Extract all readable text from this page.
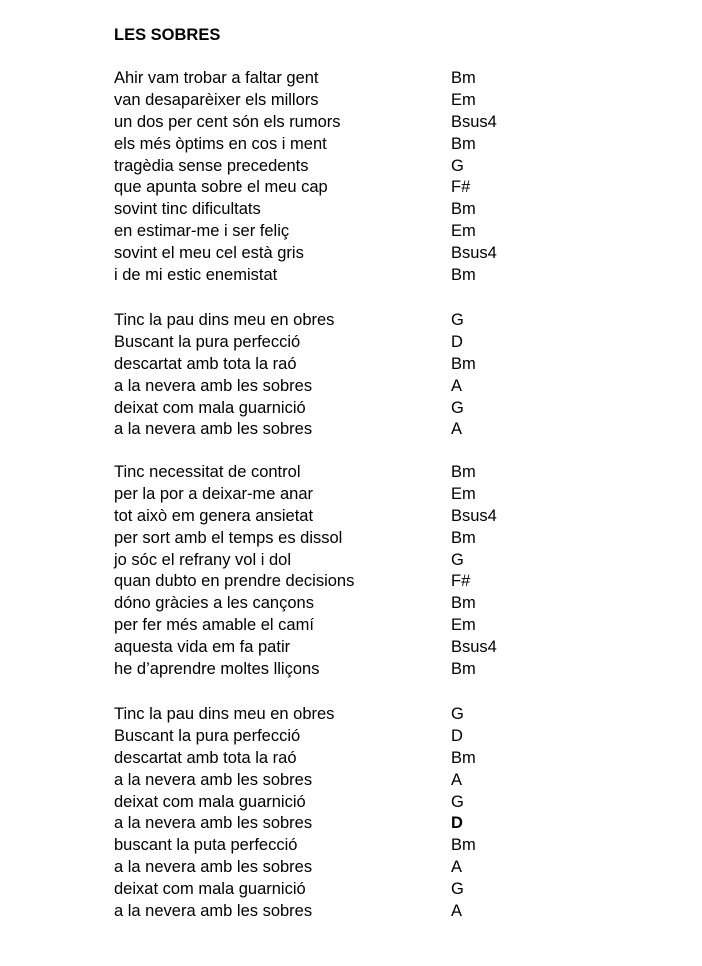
LES SOBRES
Ahir vam trobar a faltar gent	Bm
van desaparèixer els millors	Em
un dos per cent són els rumors	Bsus4
els més òptims en cos i ment	Bm
tragèdia sense precedents	G
que apunta sobre el meu cap	F#
sovint tinc dificultats	Bm
en estimar-me i ser feliç	Em
sovint el meu cel està gris	Bsus4
i de mi estic enemistat	Bm
Tinc la pau dins meu en obres	G
Buscant la pura perfecció	D
descartat amb tota la raó	Bm
a la nevera amb les sobres	A
deixat com mala guarnició	G
a la nevera amb les sobres	A
Tinc necessitat de control	Bm
per la por a deixar-me anar	Em
tot això em genera ansietat	Bsus4
per sort amb el temps es dissol	Bm
jo sóc el refrany vol i dol	G
quan dubto en prendre decisions	F#
dóno gràcies a les cançons	Bm
per fer més amable el camí	Em
aquesta vida em fa patir	Bsus4
he d’aprendre moltes lliçons	Bm
Tinc la pau dins meu en obres	G
Buscant la pura perfecció	D
descartat amb tota la raó	Bm
a la nevera amb les sobres	A
deixat com mala guarnició	G
a la nevera amb les sobres	D
buscant la puta perfecció	Bm
a la nevera amb les sobres	A
deixat com mala guarnició	G
a la nevera amb les sobres	A
